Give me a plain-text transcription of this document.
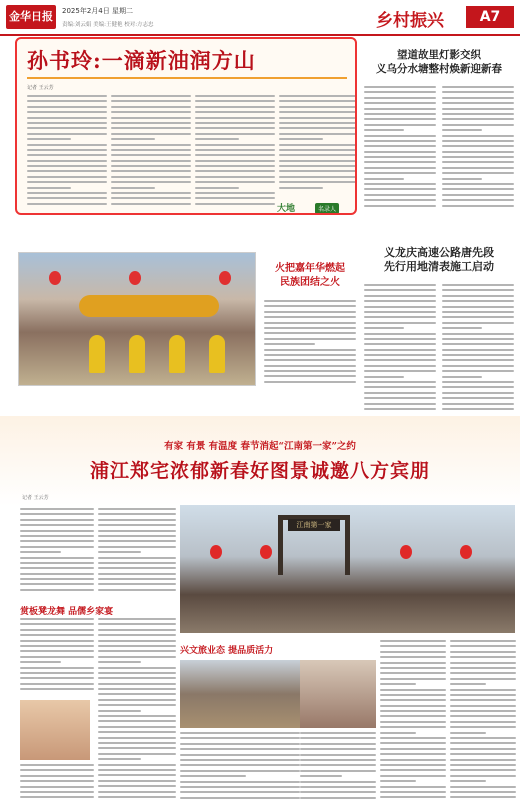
金华日报	2025年2月4日 星期二
责编:刘云娟 美编:王健艳 校对:方志忠	乡村振兴	A7
孙书玲:一滴新油润方山
记者 王云芳
大地	名录人
望道故里灯影交织
义乌分水塘整村焕新迎新春
火把嘉年华燃起
民族团结之火
义龙庆高速公路唐先段
先行用地清表施工启动
有家 有景 有温度 春节消起“江南第一家”之约
浦江郑宅浓郁新春好图景诚邀八方宾朋
记者 王云芳
江南第一家
赏板凳龙舞 品儒乡家宴
兴文旅业态 提品质活力
